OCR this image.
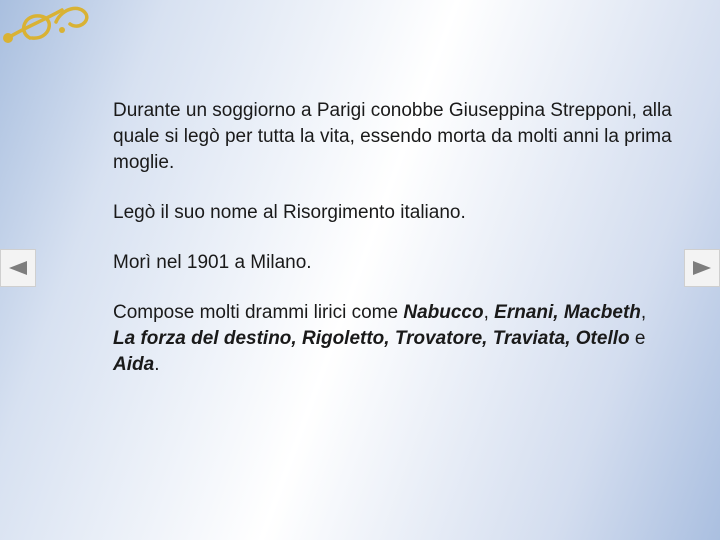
Durante un soggiorno a Parigi conobbe Giuseppina Strepponi, alla quale si legò per tutta la vita, essendo morta da molti anni la prima moglie.

Legò il suo nome al Risorgimento italiano.

Morì nel 1901 a Milano.

Compose molti drammi lirici come Nabucco, Ernani, Macbeth, La forza del destino, Rigoletto, Trovatore, Traviata, Otello e Aida.
